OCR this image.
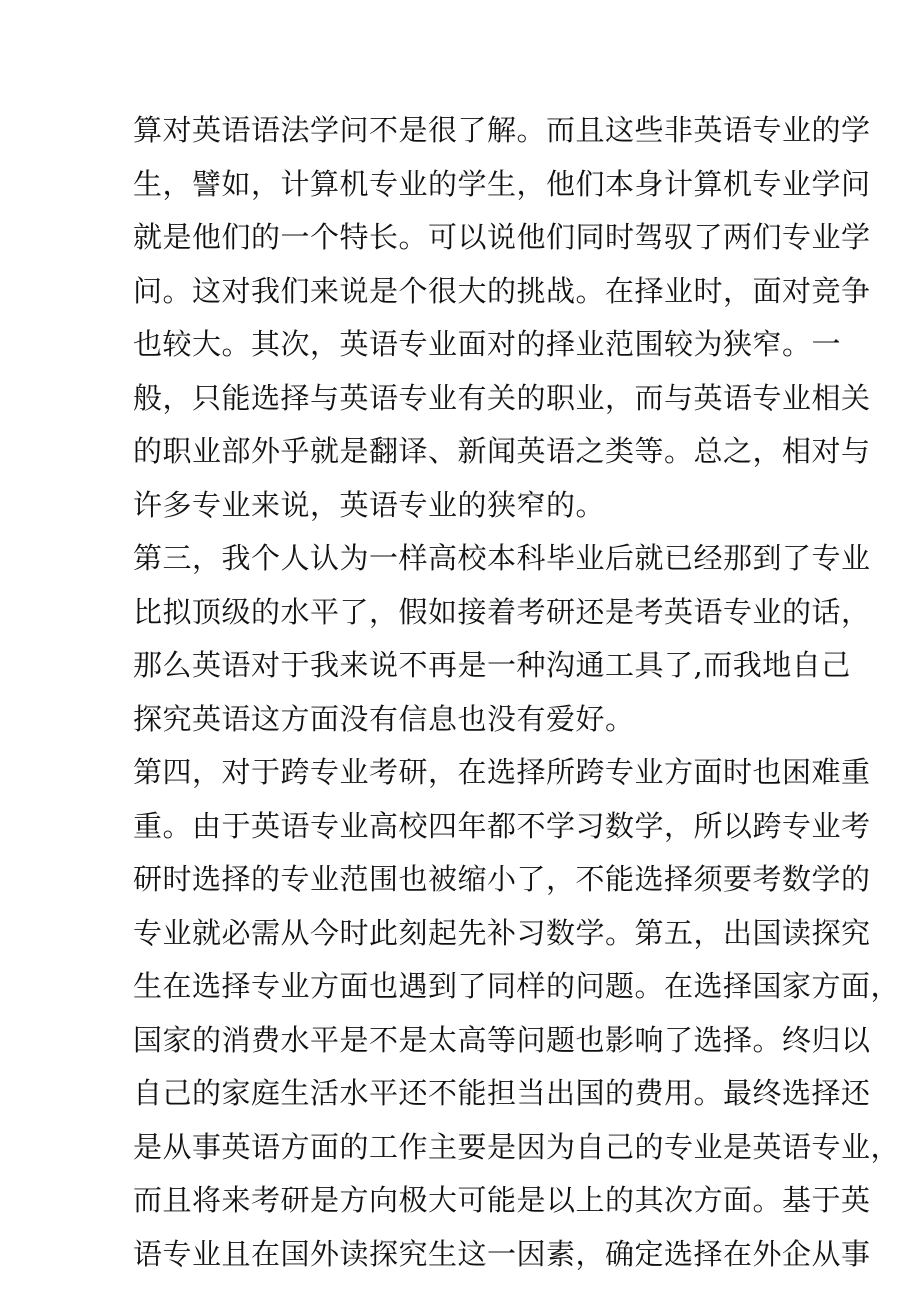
算对英语语法学问不是很了解。而且这些非英语专业的学
生，譬如，计算机专业的学生，他们本身计算机专业学问
就是他们的一个特长。可以说他们同时驾驭了两们专业学
问。这对我们来说是个很大的挑战。在择业时，面对竞争
也较大。其次，英语专业面对的择业范围较为狭窄。一
般，只能选择与英语专业有关的职业，而与英语专业相关
的职业部外乎就是翻译、新闻英语之类等。总之，相对与
许多专业来说，英语专业的狭窄的。
第三，我个人认为一样高校本科毕业后就已经那到了专业
比拟顶级的水平了，假如接着考研还是考英语专业的话，
那么英语对于我来说不再是一种沟通工具了,而我地自己
探究英语这方面没有信息也没有爱好。
第四，对于跨专业考研，在选择所跨专业方面时也困难重
重。由于英语专业高校四年都不学习数学，所以跨专业考
研时选择的专业范围也被缩小了，不能选择须要考数学的
专业就必需从今时此刻起先补习数学。第五，出国读探究
生在选择专业方面也遇到了同样的问题。在选择国家方面，
国家的消费水平是不是太高等问题也影响了选择。终归以
自己的家庭生活水平还不能担当出国的费用。最终选择还
是从事英语方面的工作主要是因为自己的专业是英语专业，
而且将来考研是方向极大可能是以上的其次方面。基于英
语专业且在国外读探究生这一因素，确定选择在外企从事
